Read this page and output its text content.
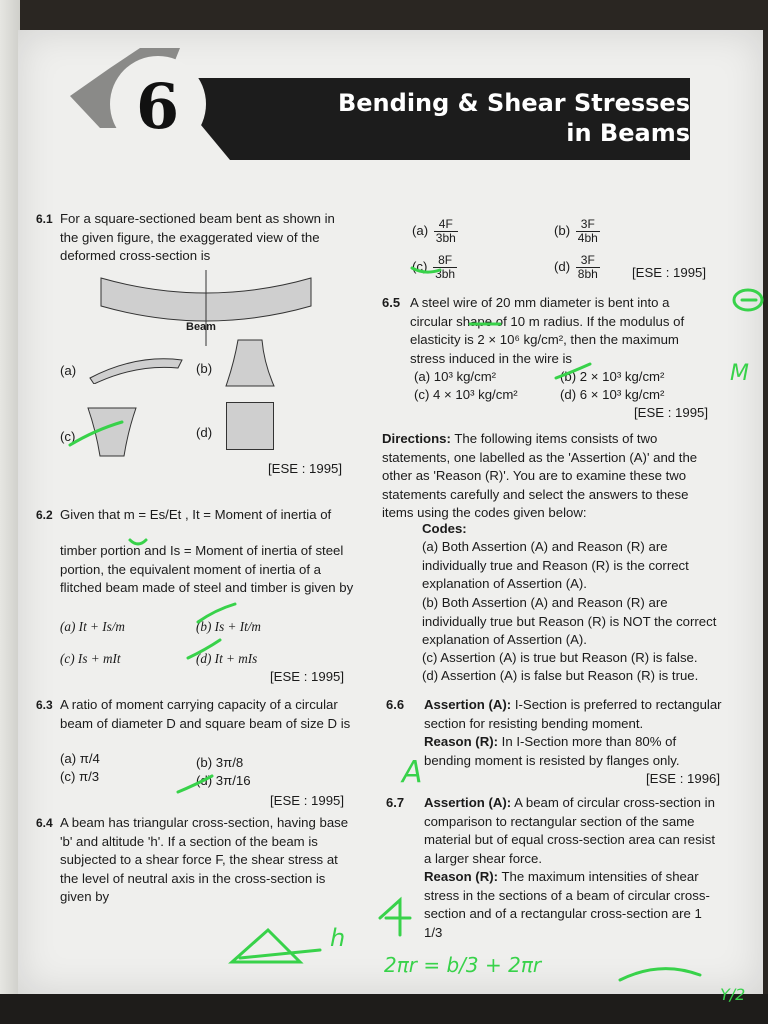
6	Bending & Shear Stresses
in Beams
6.1 For a square-sectioned beam bent as shown in the given figure, the exaggerated view of the deformed cross-section is
Beam
(a)	(b)
(c)	(d)
[ESE : 1995]
6.2 Given that m = Es/Et , It = Moment of inertia of
timber portion and Is = Moment of inertia of steel portion, the equivalent moment of inertia of a flitched beam made of steel and timber is given by
(a) It + Is/m	(b) Is + It/m
(c) Is + mIt	(d) It + mIs
[ESE : 1995]
6.3 A ratio of moment carrying capacity of a circular beam of diameter D and square beam of size D is
(a) π/4	(b) 3π/8
(c) π/3	(d) 3π/16
[ESE : 1995]
6.4 A beam has triangular cross-section, having base 'b' and altitude 'h'. If a section of the beam is subjected to a shear force F, the shear stress at the level of neutral axis in the cross-section is given by
$(a) \frac{4F}{3bh}$	$(b) \frac{3F}{4bh}$
$(c) \frac{8F}{3bh}$	$(d) \frac{3F}{8bh} [ESE$ : 1995]
6.5 A steel wire of 20 mm diameter is bent into a circular shape of 10 m radius. If the modulus of elasticity is 2 × 10⁶ kg/cm², then the maximum stress induced in the wire is
(a) 10³ kg/cm²	(b) 2 × 10³ kg/cm²
(c) 4 × 10³ kg/cm²	(d) 6 × 10³ kg/cm²
[ESE : 1995]
Directions: The following items consists of two statements, one labelled as the 'Assertion (A)' and the other as 'Reason (R)'. You are to examine these two statements carefully and select the answers to these items using the codes given below:
Codes:
(a) Both Assertion (A) and Reason (R) are individually true and Reason (R) is the correct explanation of Assertion (A).
(b) Both Assertion (A) and Reason (R) are individually true but Reason (R) is NOT the correct explanation of Assertion (A).
(c) Assertion (A) is true but Reason (R) is false.
(d) Assertion (A) is false but Reason (R) is true.
6.6 Assertion (A): I-Section is preferred to rectangular section for resisting bending moment.
Reason (R): In I-Section more than 80% of bending moment is resisted by flanges only.
[ESE : 1996]
6.7 Assertion (A): A beam of circular cross-section in comparison to rectangular section of the same material but of equal cross-section area can resist a larger shear force.
Reason (R): The maximum intensities of shear stress in the sections of a beam of circular cross-section and of a rectangular cross-section are 1 1/3
M
A
2πr = b/3 + 2πr
h
Y/2
